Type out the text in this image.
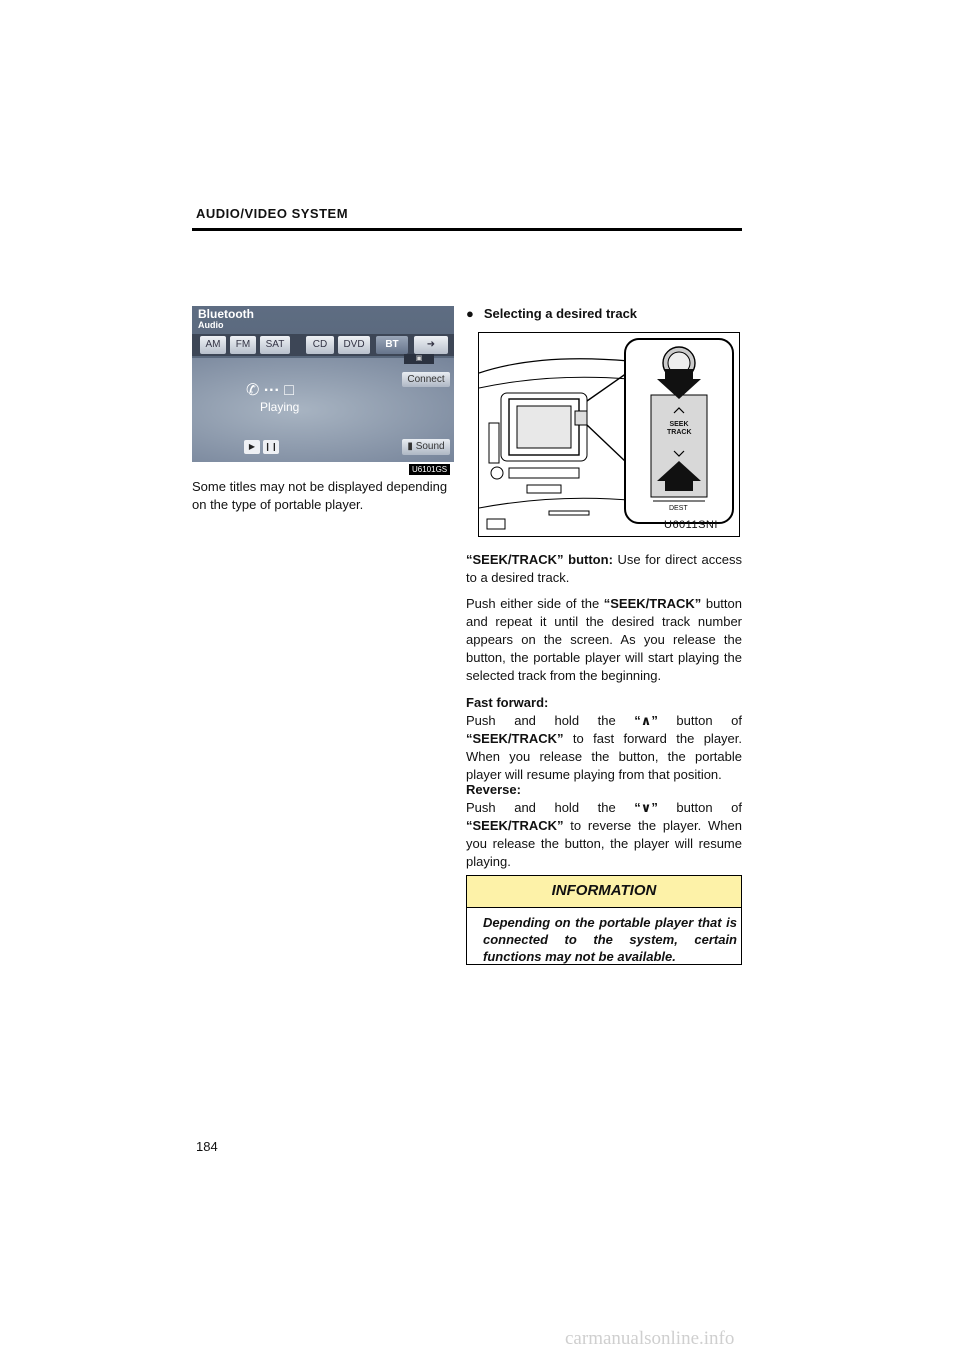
AUDIO/VIDEO SYSTEM
Bluetooth
Audio
AM	FM	SAT	CD	DVD	BT	➜
▣
Connect
✆ ··· □
Playing
▶	❙❙	▮ Sound
U6101GS
Some titles may not be displayed depending on the type of portable player.
● Selecting a desired track
SEEK
TRACK
DEST
U6011SNI
“SEEK/TRACK” button: Use for direct access to a desired track.
Push either side of the “SEEK/TRACK” button and repeat it until the desired track number appears on the screen. As you release the button, the portable player will start playing the selected track from the beginning.
Fast forward:
Push and hold the “∧” button of “SEEK/TRACK” to fast forward the player. When you release the button, the portable player will resume playing from that position.
Reverse:
Push and hold the “∨” button of “SEEK/TRACK” to reverse the player. When you release the button, the player will resume playing.
INFORMATION
Depending on the portable player that is connected to the system, certain functions may not be available.
184
carmanualsonline.info
